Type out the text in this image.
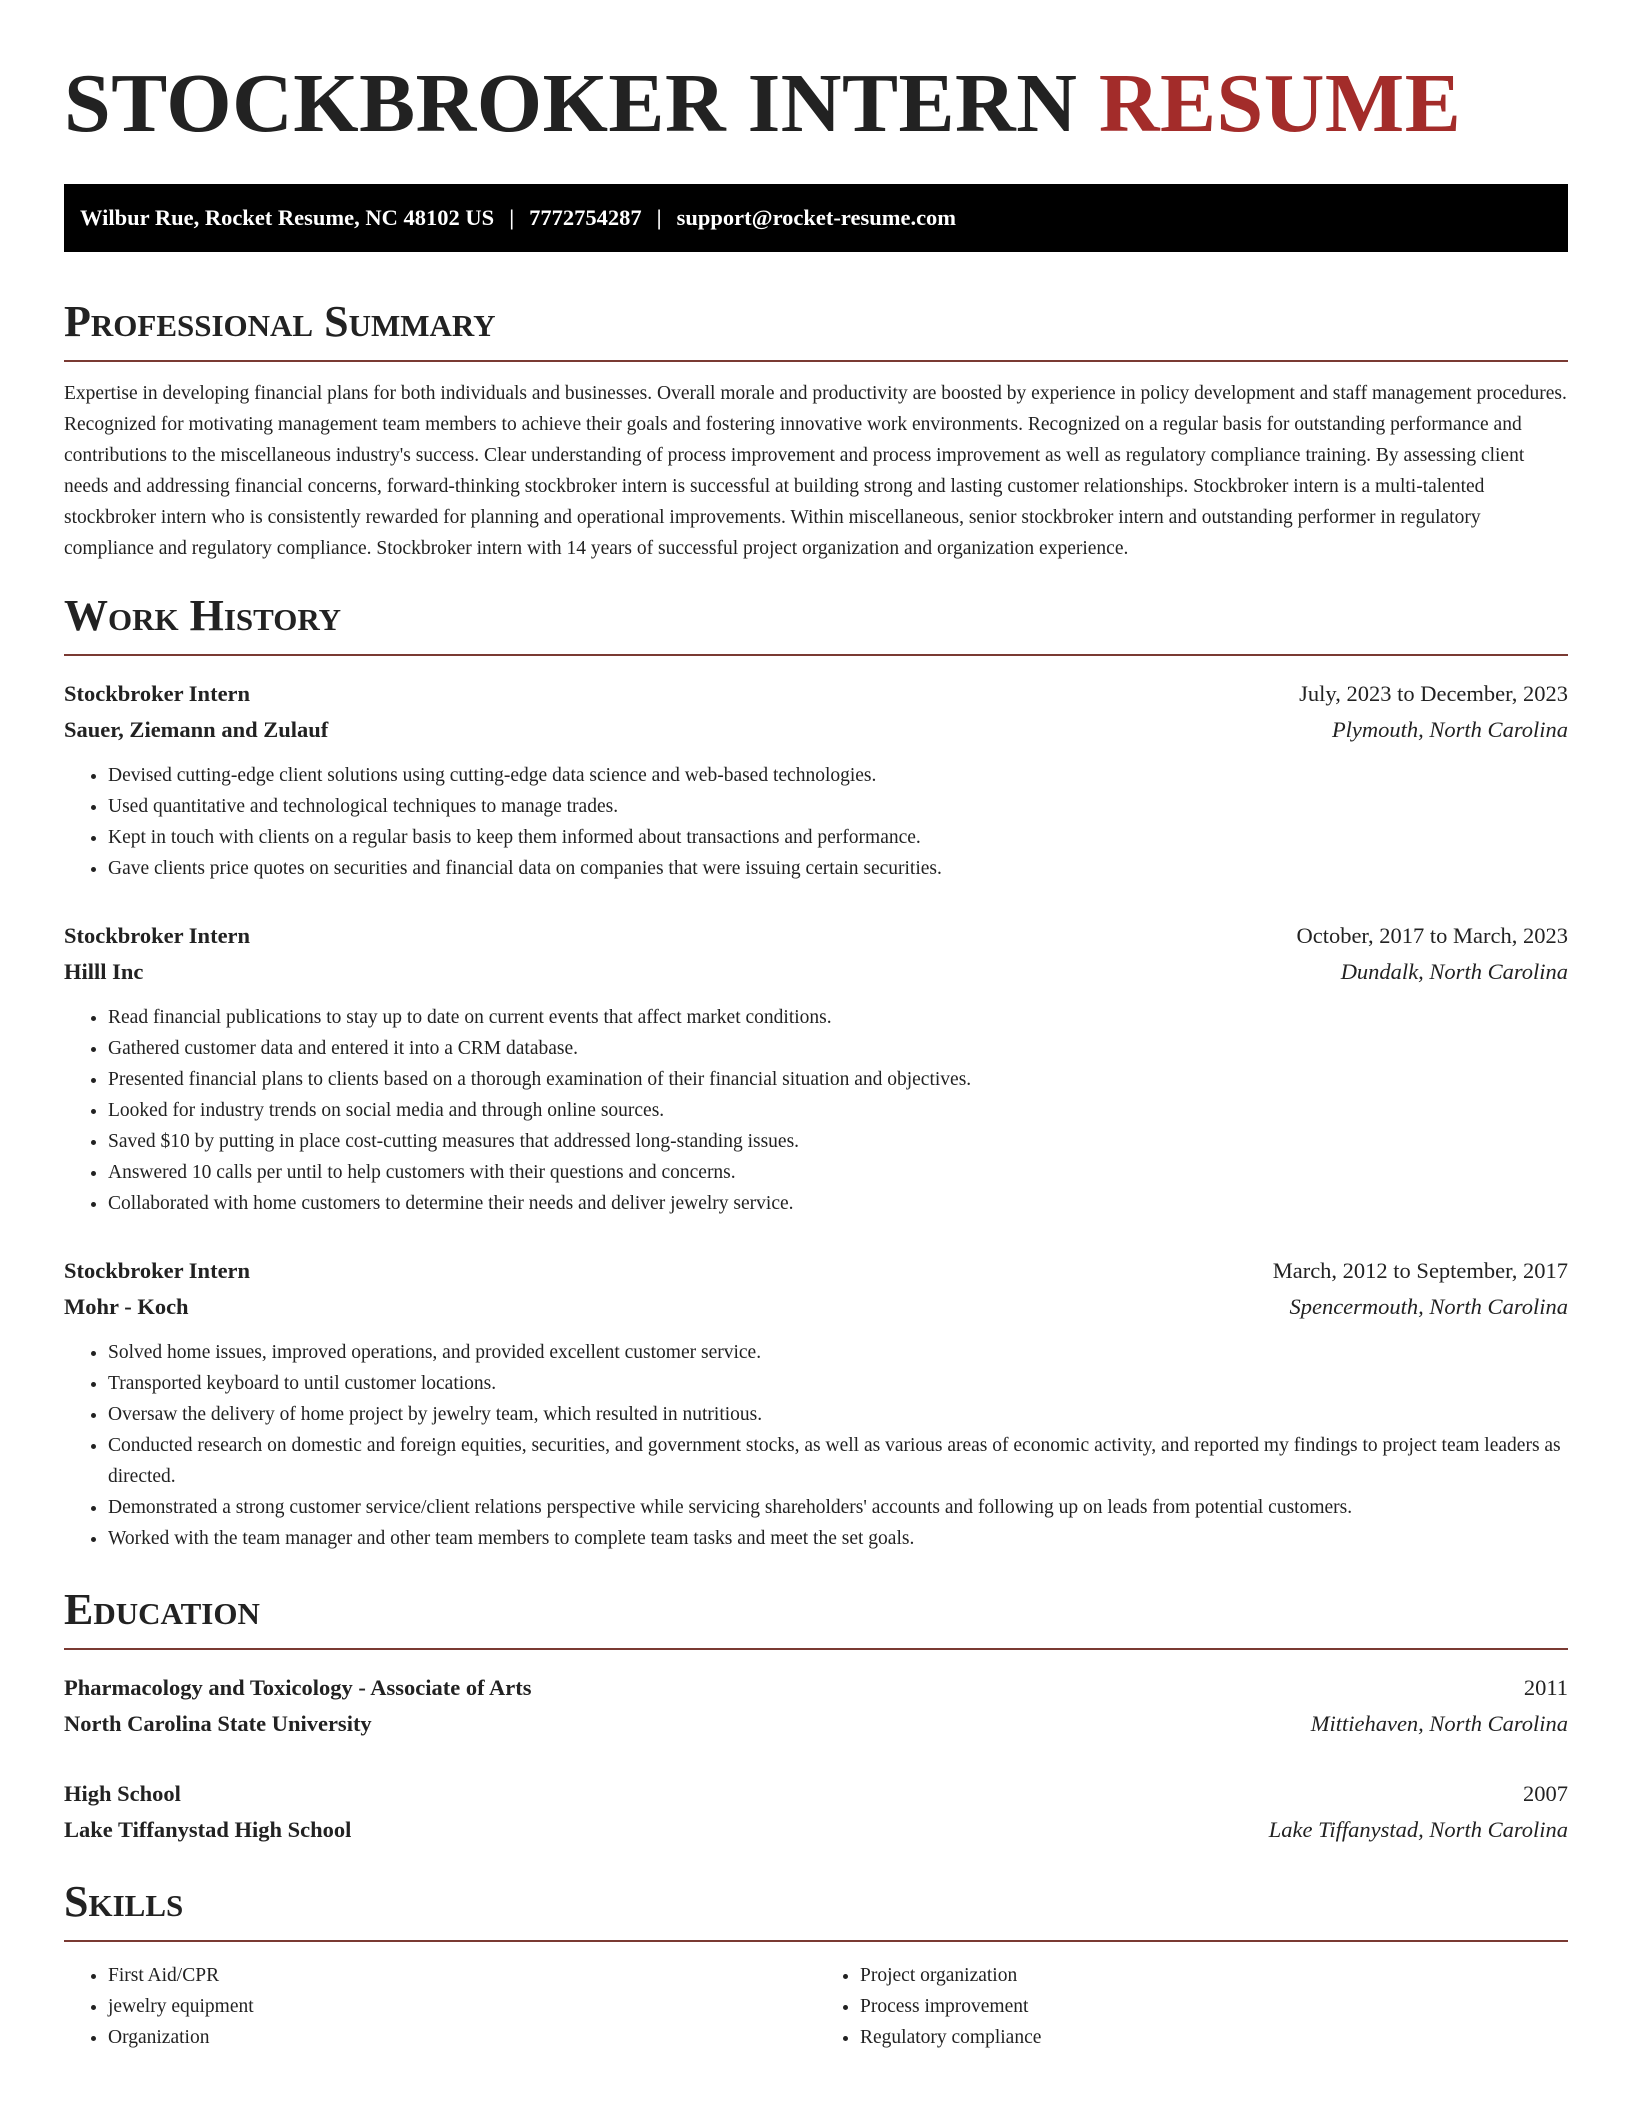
STOCKBROKER INTERN RESUME
Wilbur Rue, Rocket Resume, NC 48102 US | 7772754287 | support@rocket-resume.com
Professional Summary

Expertise in developing financial plans for both individuals and businesses. Overall morale and productivity are boosted by experience in policy development and staff management procedures. Recognized for motivating management team members to achieve their goals and fostering innovative work environments. Recognized on a regular basis for outstanding performance and contributions to the miscellaneous industry's success. Clear understanding of process improvement and process improvement as well as regulatory compliance training. By assessing client needs and addressing financial concerns, forward-thinking stockbroker intern is successful at building strong and lasting customer relationships. Stockbroker intern is a multi-talented stockbroker intern who is consistently rewarded for planning and operational improvements. Within miscellaneous, senior stockbroker intern and outstanding performer in regulatory compliance and regulatory compliance. Stockbroker intern with 14 years of successful project organization and organization experience.

Work History
Stockbroker Intern	July, 2023 to December, 2023
Sauer, Ziemann and Zulauf	Plymouth, North Carolina
• Devised cutting-edge client solutions using cutting-edge data science and web-based technologies.
• Used quantitative and technological techniques to manage trades.
• Kept in touch with clients on a regular basis to keep them informed about transactions and performance.
• Gave clients price quotes on securities and financial data on companies that were issuing certain securities.
Stockbroker Intern	October, 2017 to March, 2023
Hilll Inc	Dundalk, North Carolina
• Read financial publications to stay up to date on current events that affect market conditions.
• Gathered customer data and entered it into a CRM database.
• Presented financial plans to clients based on a thorough examination of their financial situation and objectives.
• Looked for industry trends on social media and through online sources.
• Saved $10 by putting in place cost-cutting measures that addressed long-standing issues.
• Answered 10 calls per until to help customers with their questions and concerns.
• Collaborated with home customers to determine their needs and deliver jewelry service.
Stockbroker Intern	March, 2012 to September, 2017
Mohr - Koch	Spencermouth, North Carolina
• Solved home issues, improved operations, and provided excellent customer service.
• Transported keyboard to until customer locations.
• Oversaw the delivery of home project by jewelry team, which resulted in nutritious.
• Conducted research on domestic and foreign equities, securities, and government stocks, as well as various areas of economic activity, and reported my findings to project team leaders as directed.
• Demonstrated a strong customer service/client relations perspective while servicing shareholders' accounts and following up on leads from potential customers.
• Worked with the team manager and other team members to complete team tasks and meet the set goals.
Education
Pharmacology and Toxicology - Associate of Arts	2011
North Carolina State University	Mittiehaven, North Carolina
High School	2007
Lake Tiffanystad High School	Lake Tiffanystad, North Carolina
Skills
• First Aid/CPR
• jewelry equipment
• Organization
• Project organization
• Process improvement
• Regulatory compliance
